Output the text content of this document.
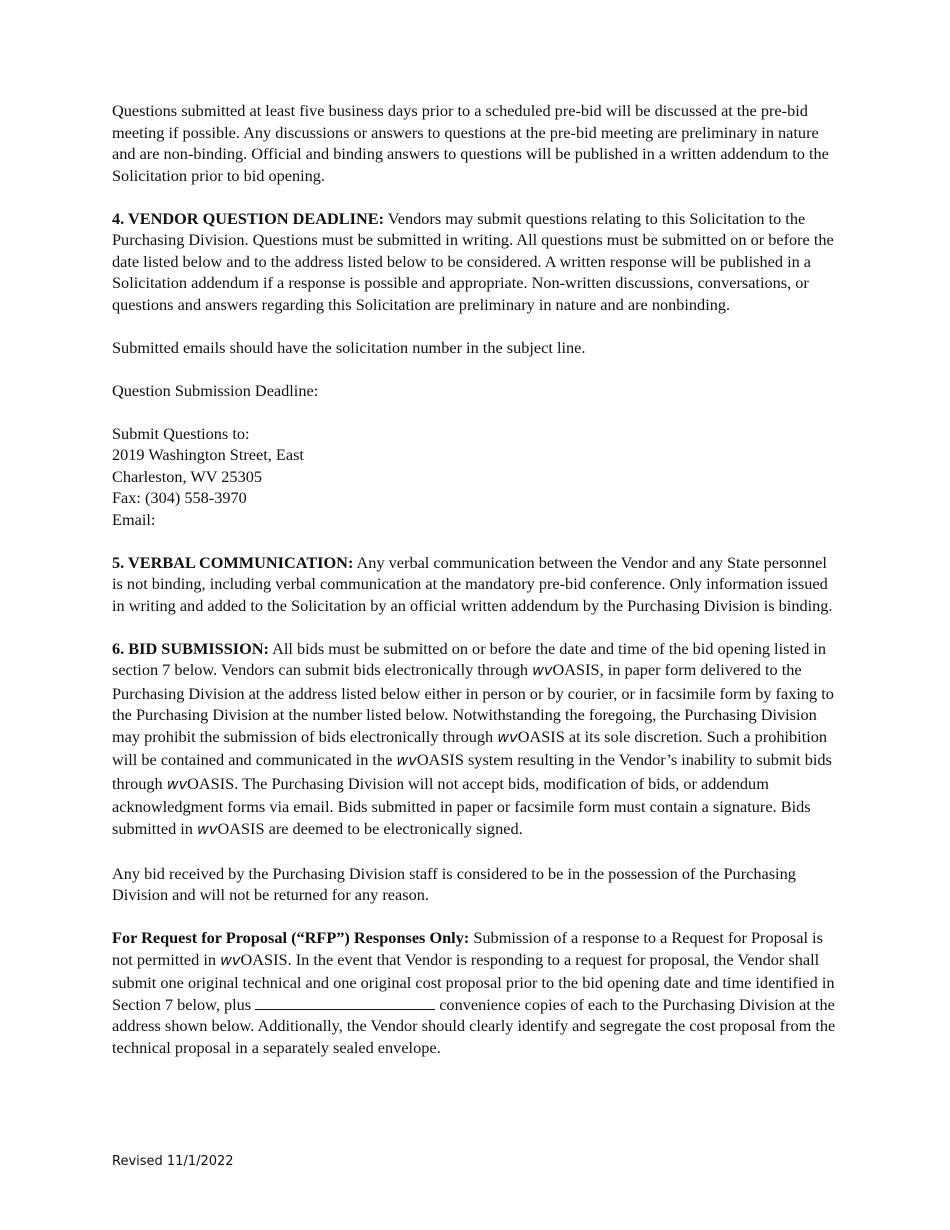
Questions submitted at least five business days prior to a scheduled pre-bid will be discussed at the pre-bid meeting if possible. Any discussions or answers to questions at the pre-bid meeting are preliminary in nature and are non-binding. Official and binding answers to questions will be published in a written addendum to the Solicitation prior to bid opening.

4. VENDOR QUESTION DEADLINE: Vendors may submit questions relating to this Solicitation to the Purchasing Division. Questions must be submitted in writing. All questions must be submitted on or before the date listed below and to the address listed below to be considered. A written response will be published in a Solicitation addendum if a response is possible and appropriate. Non-written discussions, conversations, or questions and answers regarding this Solicitation are preliminary in nature and are nonbinding.

Submitted emails should have the solicitation number in the subject line.

Question Submission Deadline:

Submit Questions to:

2019 Washington Street, East

Charleston, WV 25305

Fax: (304) 558-3970

Email:

5. VERBAL COMMUNICATION: Any verbal communication between the Vendor and any State personnel is not binding, including verbal communication at the mandatory pre-bid conference. Only information issued in writing and added to the Solicitation by an official written addendum by the Purchasing Division is binding.

6. BID SUBMISSION: All bids must be submitted on or before the date and time of the bid opening listed in section 7 below. Vendors can submit bids electronically through wvOASIS, in paper form delivered to the Purchasing Division at the address listed below either in person or by courier, or in facsimile form by faxing to the Purchasing Division at the number listed below. Notwithstanding the foregoing, the Purchasing Division may prohibit the submission of bids electronically through wvOASIS at its sole discretion. Such a prohibition will be contained and communicated in the wvOASIS system resulting in the Vendor’s inability to submit bids through wvOASIS. The Purchasing Division will not accept bids, modification of bids, or addendum acknowledgment forms via email. Bids submitted in paper or facsimile form must contain a signature. Bids submitted in wvOASIS are deemed to be electronically signed.

Any bid received by the Purchasing Division staff is considered to be in the possession of the Purchasing Division and will not be returned for any reason.

For Request for Proposal (“RFP”) Responses Only: Submission of a response to a Request for Proposal is not permitted in wvOASIS. In the event that Vendor is responding to a request for proposal, the Vendor shall submit one original technical and one original cost proposal prior to the bid opening date and time identified in Section 7 below, plus	convenience copies of each to the Purchasing Division at the address shown below. Additionally, the Vendor should clearly identify and segregate the cost proposal from the technical proposal in a separately sealed envelope.

Revised 11/1/2022
